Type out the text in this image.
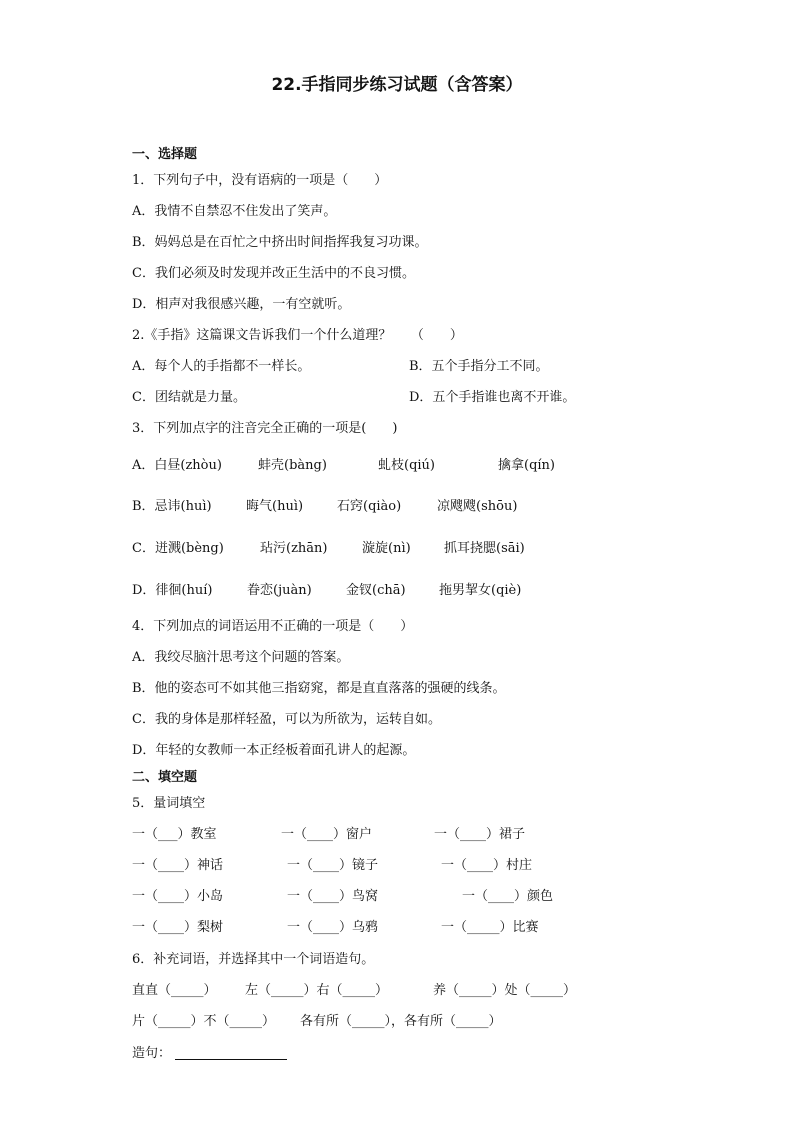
22.手指同步练习试题（含答案）
一、选择题
1．下列句子中，没有语病的一项是（　　）
A．我情不自禁忍不住发出了笑声。
B．妈妈总是在百忙之中挤出时间指挥我复习功课。
C．我们必须及时发现并改正生活中的不良习惯。
D．相声对我很感兴趣，一有空就听。
2.《手指》这篇课文告诉我们一个什么道理？　　（　　）
A．每个人的手指都不一样长。	B．五个手指分工不同。
C．团结就是力量。	D．五个手指谁也离不开谁。
3．下列加点字的注音完全正确的一项是(　　)
A．白昼(zhòu)	蚌壳(bàng)	虬枝(qiú)	擒拿(qín)
B．忌讳(huì)	晦气(huì)	石窍(qiào)	凉飕飕(shōu)
C．迸溅(bèng)	玷污(zhān)	漩旋(nì)	抓耳挠腮(sāi)
D．徘徊(huí)	眷恋(juàn)	金钗(chā)	拖男挈女(qiè)
4．下列加点的词语运用不正确的一项是（　　）
A．我绞尽脑汁思考这个问题的答案。
B．他的姿态可不如其他三指窈窕，都是直直落落的强硬的线条。
C．我的身体是那样轻盈，可以为所欲为，运转自如。
D．年轻的女教师一本正经板着面孔讲人的起源。
二、填空题
5．量词填空
一（___）教室	一（____）窗户	一（____）裙子
一（____）神话	一（____）镜子	一（____）村庄
一（____）小岛	一（____）鸟窝	一（____）颜色
一（____）梨树	一（____）乌鸦	一（_____）比赛
6．补充词语，并选择其中一个词语造句。
直直（_____） 左（_____）右（_____）	养（_____）处（_____）
片（_____）不（_____） 各有所（_____），各有所（_____）
造句：
